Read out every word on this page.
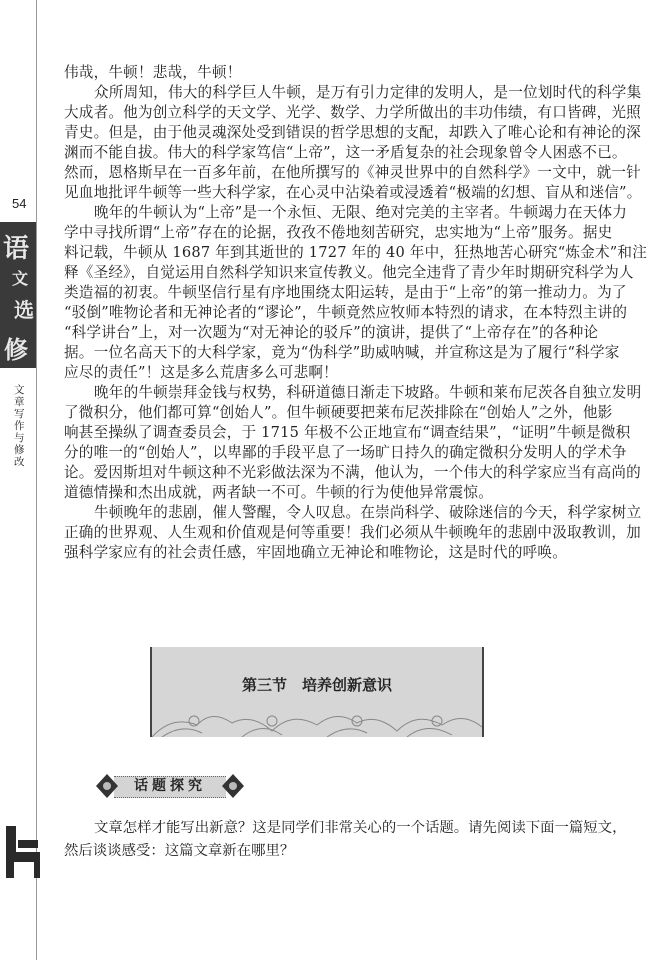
54
语
文
选
修
文章写作与修改
伟哉，牛顿！悲哉，牛顿！
众所周知，伟大的科学巨人牛顿，是万有引力定律的发明人，是一位划时代的科学集
大成者。他为创立科学的天文学、光学、数学、力学所做出的丰功伟绩，有口皆碑，光照
青史。但是，由于他灵魂深处受到错误的哲学思想的支配，却跌入了唯心论和有神论的深
渊而不能自拔。伟大的科学家笃信“上帝”，这一矛盾复杂的社会现象曾令人困惑不已。
然而，恩格斯早在一百多年前，在他所撰写的《神灵世界中的自然科学》一文中，就一针
见血地批评牛顿等一些大科学家，在心灵中沾染着或浸透着“极端的幻想、盲从和迷信”。
晚年的牛顿认为“上帝”是一个永恒、无限、绝对完美的主宰者。牛顿竭力在天体力
学中寻找所谓“上帝”存在的论据，孜孜不倦地刻苦研究，忠实地为“上帝”服务。据史
料记载，牛顿从 1687 年到其逝世的 1727 年的 40 年中，狂热地苦心研究“炼金术”和注
释《圣经》，自觉运用自然科学知识来宣传教义。他完全违背了青少年时期研究科学为人
类造福的初衷。牛顿坚信行星有序地围绕太阳运转，是由于“上帝”的第一推动力。为了
“驳倒”唯物论者和无神论者的“谬论”，牛顿竟然应牧师本特烈的请求，在本特烈主讲的
“科学讲台”上，对一次题为“对无神论的驳斥”的演讲，提供了“上帝存在”的各种论
据。一位名高天下的大科学家，竟为“伪科学”助威呐喊，并宣称这是为了履行“科学家
应尽的责任”！这是多么荒唐多么可悲啊！
晚年的牛顿崇拜金钱与权势，科研道德日渐走下坡路。牛顿和莱布尼茨各自独立发明
了微积分，他们都可算“创始人”。但牛顿硬要把莱布尼茨排除在“创始人”之外，他影
响甚至操纵了调查委员会，于 1715 年极不公正地宣布“调查结果”，“证明”牛顿是微积
分的唯一的“创始人”，以卑鄙的手段平息了一场旷日持久的确定微积分发明人的学术争
论。爱因斯坦对牛顿这种不光彩做法深为不满，他认为，一个伟大的科学家应当有高尚的
道德情操和杰出成就，两者缺一不可。牛顿的行为使他异常震惊。
牛顿晚年的悲剧，催人警醒，令人叹息。在崇尚科学、破除迷信的今天，科学家树立
正确的世界观、人生观和价值观是何等重要！我们必须从牛顿晚年的悲剧中汲取教训，加
强科学家应有的社会责任感，牢固地确立无神论和唯物论，这是时代的呼唤。
第三节　培养创新意识
话题探究
文章怎样才能写出新意？这是同学们非常关心的一个话题。请先阅读下面一篇短文，
然后谈谈感受：这篇文章新在哪里？
